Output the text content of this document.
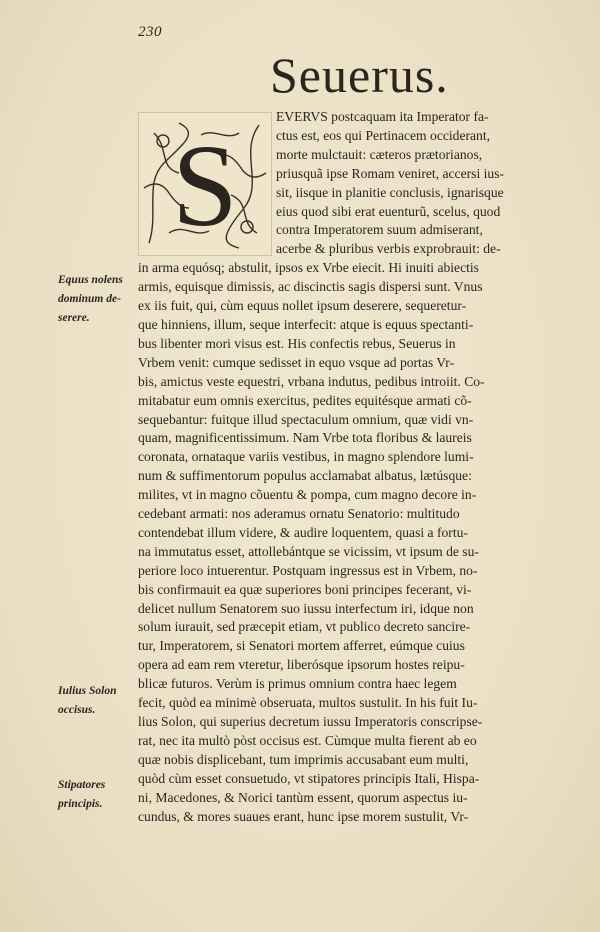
230
Seuerus.
S
EVERVS postcaquam ita Imperator fa-
ctus est, eos qui Pertinacem occiderant,
morte mulctauit: cæteros prætorianos,
priusquã ipse Romam veniret, accersi ius-
sit, iisque in planitie conclusis, ignarisque
eius quod sibi erat euenturũ, scelus, quod
contra Imperatorem suum admiserant,
acerbe & pluribus verbis exprobrauit: de-
in arma equósq; abstulit, ipsos ex Vrbe eiecit. Hi inuiti abiectis
armis, equisque dimissis, ac discinctis sagis dispersi sunt. Vnus
ex iis fuit, qui, cùm equus nollet ipsum deserere, sequeretur-
que hinniens, illum, seque interfecit: atque is equus spectanti-
bus libenter mori visus est. His confectis rebus, Seuerus in
Vrbem venit: cumque sedisset in equo vsque ad portas Vr-
bis, amictus veste equestri, vrbana indutus, pedibus introiit. Co-
mitabatur eum omnis exercitus, pedites equitésque armati cõ-
sequebantur: fuitque illud spectaculum omnium, quæ vidi vn-
quam, magnificentissimum. Nam Vrbe tota floribus & laureis
coronata, ornataque variis vestibus, in magno splendore lumi-
num & suffimentorum populus acclamabat albatus, lætúsque:
milites, vt in magno cõuentu & pompa, cum magno decore in-
cedebant armati: nos aderamus ornatu Senatorio: multitudo
contendebat illum videre, & audire loquentem, quasi a fortu-
na immutatus esset, attollebántque se vicissim, vt ipsum de su-
periore loco intuerentur. Postquam ingressus est in Vrbem, no-
bis confirmauit ea quæ superiores boni principes fecerant, vi-
delicet nullum Senatorem suo iussu interfectum iri, idque non
solum iurauit, sed præcepit etiam, vt publico decreto sancire-
tur, Imperatorem, si Senatori mortem afferret, eúmque cuius
opera ad eam rem vteretur, liberósque ipsorum hostes reipu-
blicæ futuros. Verùm is primus omnium contra haec legem
fecit, quòd ea minimè obseruata, multos sustulit. In his fuit Iu-
lius Solon, qui superius decretum iussu Imperatoris conscripse-
rat, nec ita multò pòst occisus est. Cùmque multa fierent ab eo
quæ nobis displicebant, tum imprimis accusabant eum multi,
quòd cùm esset consuetudo, vt stipatores principis Itali, Hispa-
ni, Macedones, & Norici tantùm essent, quorum aspectus iu-
cundus, & mores suaues erant, hunc ipse morem sustulit, Vr-
Equus nolens
dominum de-
serere.
Iulius Solon
occisus.
Stipatores
principis.
